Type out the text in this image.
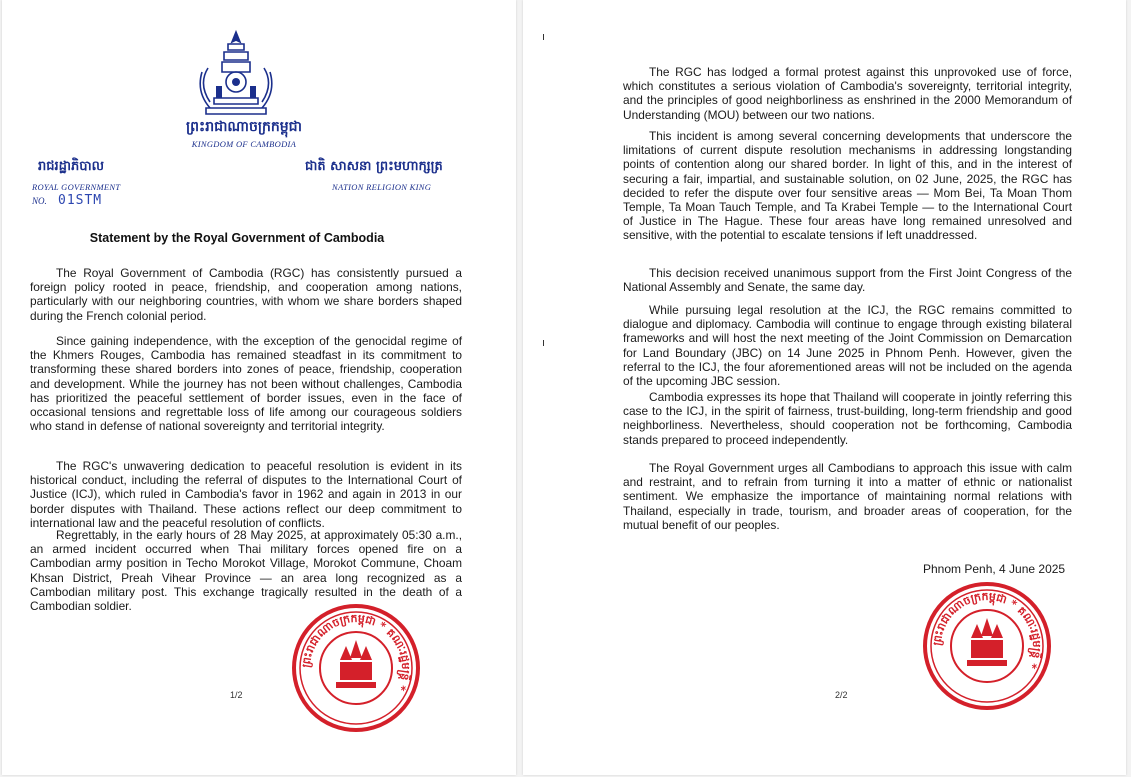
ព្រះរាជាណាចក្រកម្ពុជា
KINGDOM OF CAMBODIA
រាជរដ្ឋាភិបាល
ROYAL GOVERNMENT
NO. 01STM
ជាតិ សាសនា ព្រះមហាក្សត្រ
NATION RELIGION KING
Statement by the Royal Government of Cambodia

The Royal Government of Cambodia (RGC) has consistently pursued a foreign policy rooted in peace, friendship, and cooperation among nations, particularly with our neighboring countries, with whom we share borders shaped during the French colonial period.

Since gaining independence, with the exception of the genocidal regime of the Khmers Rouges, Cambodia has remained steadfast in its commitment to transforming these shared borders into zones of peace, friendship, cooperation and development. While the journey has not been without challenges, Cambodia has prioritized the peaceful settlement of border issues, even in the face of occasional tensions and regrettable loss of life among our courageous soldiers who stand in defense of national sovereignty and territorial integrity.

The RGC's unwavering dedication to peaceful resolution is evident in its historical conduct, including the referral of disputes to the International Court of Justice (ICJ), which ruled in Cambodia's favor in 1962 and again in 2013 in our border disputes with Thailand. These actions reflect our deep commitment to international law and the peaceful resolution of conflicts.

Regrettably, in the early hours of 28 May 2025, at approximately 05:30 a.m., an armed incident occurred when Thai military forces opened fire on a Cambodian army position in Techo Morokot Village, Morokot Commune, Choam Khsan District, Preah Vihear Province — an area long recognized as a Cambodian military post. This exchange tragically resulted in the death of a Cambodian soldier.

ព្រះរាជាណាចក្រកម្ពុជា * គណៈរដ្ឋមន្ត្រី *
1/2

The RGC has lodged a formal protest against this unprovoked use of force, which constitutes a serious violation of Cambodia's sovereignty, territorial integrity, and the principles of good neighborliness as enshrined in the 2000 Memorandum of Understanding (MOU) between our two nations.

This incident is among several concerning developments that underscore the limitations of current dispute resolution mechanisms in addressing longstanding points of contention along our shared border. In light of this, and in the interest of securing a fair, impartial, and sustainable solution, on 02 June, 2025, the RGC has decided to refer the dispute over four sensitive areas — Mom Bei, Ta Moan Thom Temple, Ta Moan Tauch Temple, and Ta Krabei Temple — to the International Court of Justice in The Hague. These four areas have long remained unresolved and sensitive, with the potential to escalate tensions if left unaddressed.

This decision received unanimous support from the First Joint Congress of the National Assembly and Senate, the same day.

While pursuing legal resolution at the ICJ, the RGC remains committed to dialogue and diplomacy. Cambodia will continue to engage through existing bilateral frameworks and will host the next meeting of the Joint Commission on Demarcation for Land Boundary (JBC) on 14 June 2025 in Phnom Penh. However, given the referral to the ICJ, the four aforementioned areas will not be included on the agenda of the upcoming JBC session.

Cambodia expresses its hope that Thailand will cooperate in jointly referring this case to the ICJ, in the spirit of fairness, trust-building, long-term friendship and good neighborliness. Nevertheless, should cooperation not be forthcoming, Cambodia stands prepared to proceed independently.

The Royal Government urges all Cambodians to approach this issue with calm and restraint, and to refrain from turning it into a matter of ethnic or nationalist sentiment. We emphasize the importance of maintaining normal relations with Thailand, especially in trade, tourism, and broader areas of cooperation, for the mutual benefit of our peoples.

Phnom Penh, 4 June 2025
ព្រះរាជាណាចក្រកម្ពុជា * គណៈរដ្ឋមន្ត្រី *
2/2
